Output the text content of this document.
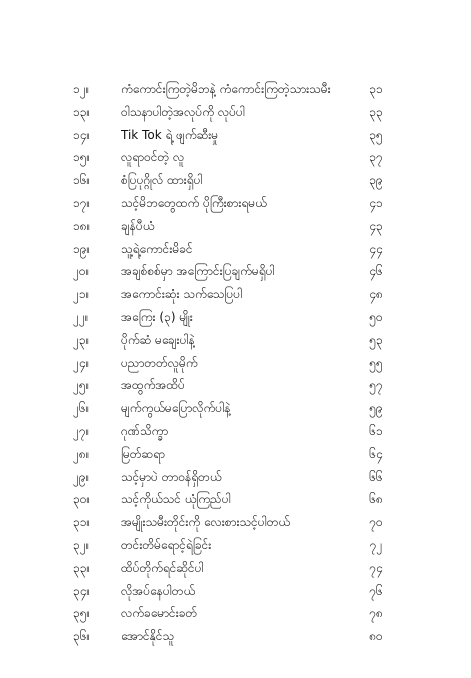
၁၂။	ကံကောင်းကြတဲ့မိဘနဲ့ ကံကောင်းကြတဲ့သားသမီး	၃၁
၁၃။	ဝါသနာပါတဲ့အလုပ်ကို လုပ်ပါ	၃၃
၁၄။	Tik Tok ရဲ့ ဖျက်ဆီးမှု	၃၅
၁၅။	လူရာဝင်တဲ့ လူ	၃၇
၁၆။	စံပြပုဂ္ဂိုလ် ထားရှိပါ	၃၉
၁၇။	သင့်မိဘတွေထက် ပိုကြီးစားရမယ်	၄၁
၁၈။	ချန်ပီယံ	၄၃
၁၉။	သူ့ရဲ့ကောင်းမိခင်	၄၄
၂၀။	အချစ်စစ်မှာ အကြောင်းပြချက်မရှိပါ	၄၆
၂၁။	အကောင်းဆုံး သက်သေပြပါ	၄၈
၂၂။	အကြေး (၃) မျိုး	၅၀
၂၃။	ပိုက်ဆံ မချေးပါနဲ့	၅၃
၂၄။	ပညာတတ်လူမိုက်	၅၅
၂၅။	အထွက်အထိပ်	၅၇
၂၆။	မျက်ကွယ်မပြောလိုက်ပါနဲ့	၅၉
၂၇။	ဂုဏ်သိက္ခာ	၆၁
၂၈။	မြတ်ဆရာ	၆၄
၂၉။	သင့်မှာပဲ တာဝန်ရှိတယ်	၆၆
၃၀။	သင့်ကိုယ်သင် ယုံကြည်ပါ	၆၈
၃၁။	အမျိုးသမီးတိုင်းကို လေးစားသင့်ပါတယ်	၇၀
၃၂။	တင်းတိမ်ရောင့်ရဲခြင်း	၇၂
၃၃။	ထိပ်တိုက်ရင်ဆိုင်ပါ	၇၄
၃၄။	လိုအပ်နေပါတယ်	၇၆
၃၅။	လက်ခမောင်းခတ်	၇၈
၃၆။	အောင်နိုင်သူ	၈၀
